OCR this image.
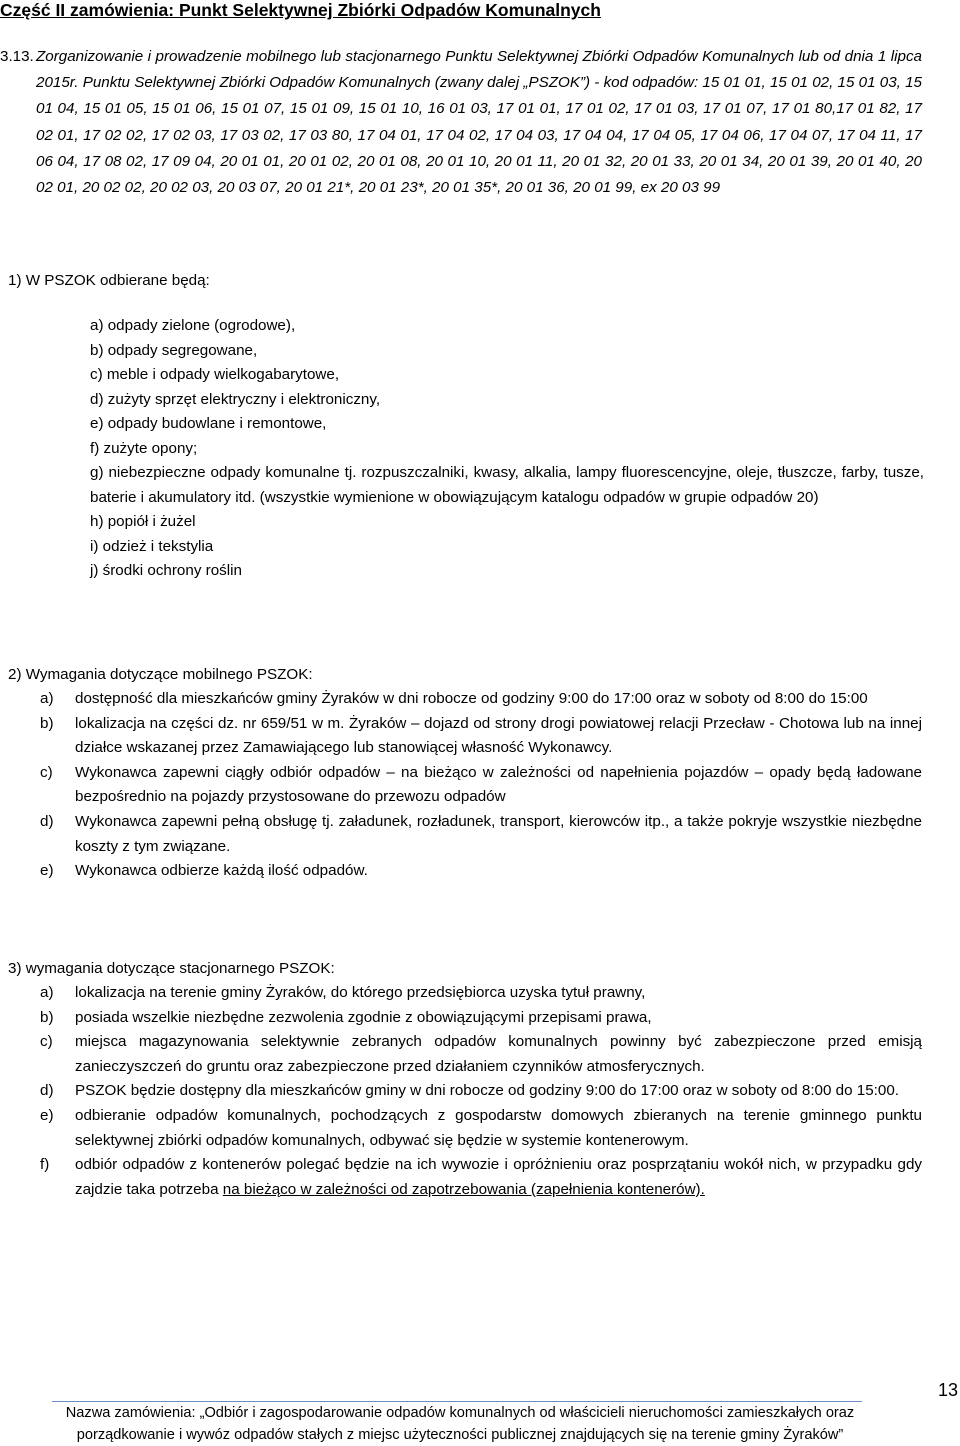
Część II zamówienia: Punkt Selektywnej Zbiórki Odpadów Komunalnych
3.13. Zorganizowanie i prowadzenie mobilnego lub stacjonarnego Punktu Selektywnej Zbiórki Odpadów Komunalnych lub od dnia 1 lipca 2015r. Punktu Selektywnej Zbiórki Odpadów Komunalnych (zwany dalej „PSZOK”) - kod odpadów: 15 01 01, 15 01 02, 15 01 03, 15 01 04, 15 01 05, 15 01 06, 15 01 07, 15 01 09, 15 01 10, 16 01 03, 17 01 01, 17 01 02, 17 01 03, 17 01 07, 17 01 80,17 01 82, 17 02 01, 17 02 02, 17 02 03, 17 03 02, 17 03 80, 17 04 01, 17 04 02, 17 04 03, 17 04 04, 17 04 05, 17 04 06, 17 04 07, 17 04 11, 17 06 04, 17 08 02, 17 09 04, 20 01 01, 20 01 02, 20 01 08, 20 01 10, 20 01 11, 20 01 32, 20 01 33, 20 01 34, 20 01 39, 20 01 40, 20 02 01, 20 02 02, 20 02 03, 20 03 07, 20 01 21*, 20 01 23*, 20 01 35*, 20 01 36, 20 01 99, ex 20 03 99
1) W PSZOK odbierane będą:
a) odpady zielone (ogrodowe),
b) odpady segregowane,
c) meble i odpady wielkogabarytowe,
d) zużyty sprzęt elektryczny i elektroniczny,
e) odpady budowlane i remontowe,
f) zużyte opony;
g) niebezpieczne odpady komunalne tj. rozpuszczalniki, kwasy, alkalia, lampy fluorescencyjne, oleje, tłuszcze, farby, tusze, baterie i akumulatory itd. (wszystkie wymienione w obowiązującym katalogu odpadów w grupie odpadów 20)
h) popiół i żużel
i) odzież i tekstylia
j) środki ochrony roślin
2) Wymagania dotyczące mobilnego PSZOK:
a) dostępność dla mieszkańców gminy Żyraków w dni robocze od godziny 9:00 do 17:00 oraz w soboty od 8:00 do 15:00
b) lokalizacja na części dz. nr 659/51 w m. Żyraków – dojazd od strony drogi powiatowej relacji Przecław - Chotowa lub na innej działce wskazanej przez Zamawiającego lub stanowiącej własność Wykonawcy.
c) Wykonawca zapewni ciągły odbiór odpadów – na bieżąco w zależności od napełnienia pojazdów – opady będą ładowane bezpośrednio na pojazdy przystosowane do przewozu odpadów
d) Wykonawca zapewni pełną obsługę tj. załadunek, rozładunek, transport, kierowców itp., a także pokryje wszystkie niezbędne koszty z tym związane.
e) Wykonawca odbierze każdą ilość odpadów.
3) wymagania dotyczące stacjonarnego PSZOK:
a) lokalizacja na terenie gminy Żyraków, do którego przedsiębiorca uzyska tytuł prawny,
b) posiada wszelkie niezbędne zezwolenia zgodnie z obowiązującymi przepisami prawa,
c) miejsca magazynowania selektywnie zebranych odpadów komunalnych powinny być zabezpieczone przed emisją zanieczyszczeń do gruntu oraz zabezpieczone przed działaniem czynników atmosferycznych.
d) PSZOK będzie dostępny dla mieszkańców gminy w dni robocze od godziny 9:00 do 17:00 oraz w soboty od 8:00 do 15:00.
e) odbieranie odpadów komunalnych, pochodzących z gospodarstw domowych zbieranych na terenie gminnego punktu selektywnej zbiórki odpadów komunalnych, odbywać się będzie w systemie kontenerowym.
f) odbiór odpadów z kontenerów polegać będzie na ich wywozie i opróżnieniu oraz posprzątaniu wokół nich, w przypadku gdy zajdzie taka potrzeba na bieżąco w zależności od zapotrzebowania (zapełnienia kontenerów).
13
Nazwa zamówienia: „Odbiór i zagospodarowanie odpadów komunalnych od właścicieli nieruchomości zamieszkałych oraz
porządkowanie i wywóz odpadów stałych z miejsc użyteczności publicznej znajdujących się na terenie gminy Żyraków”
